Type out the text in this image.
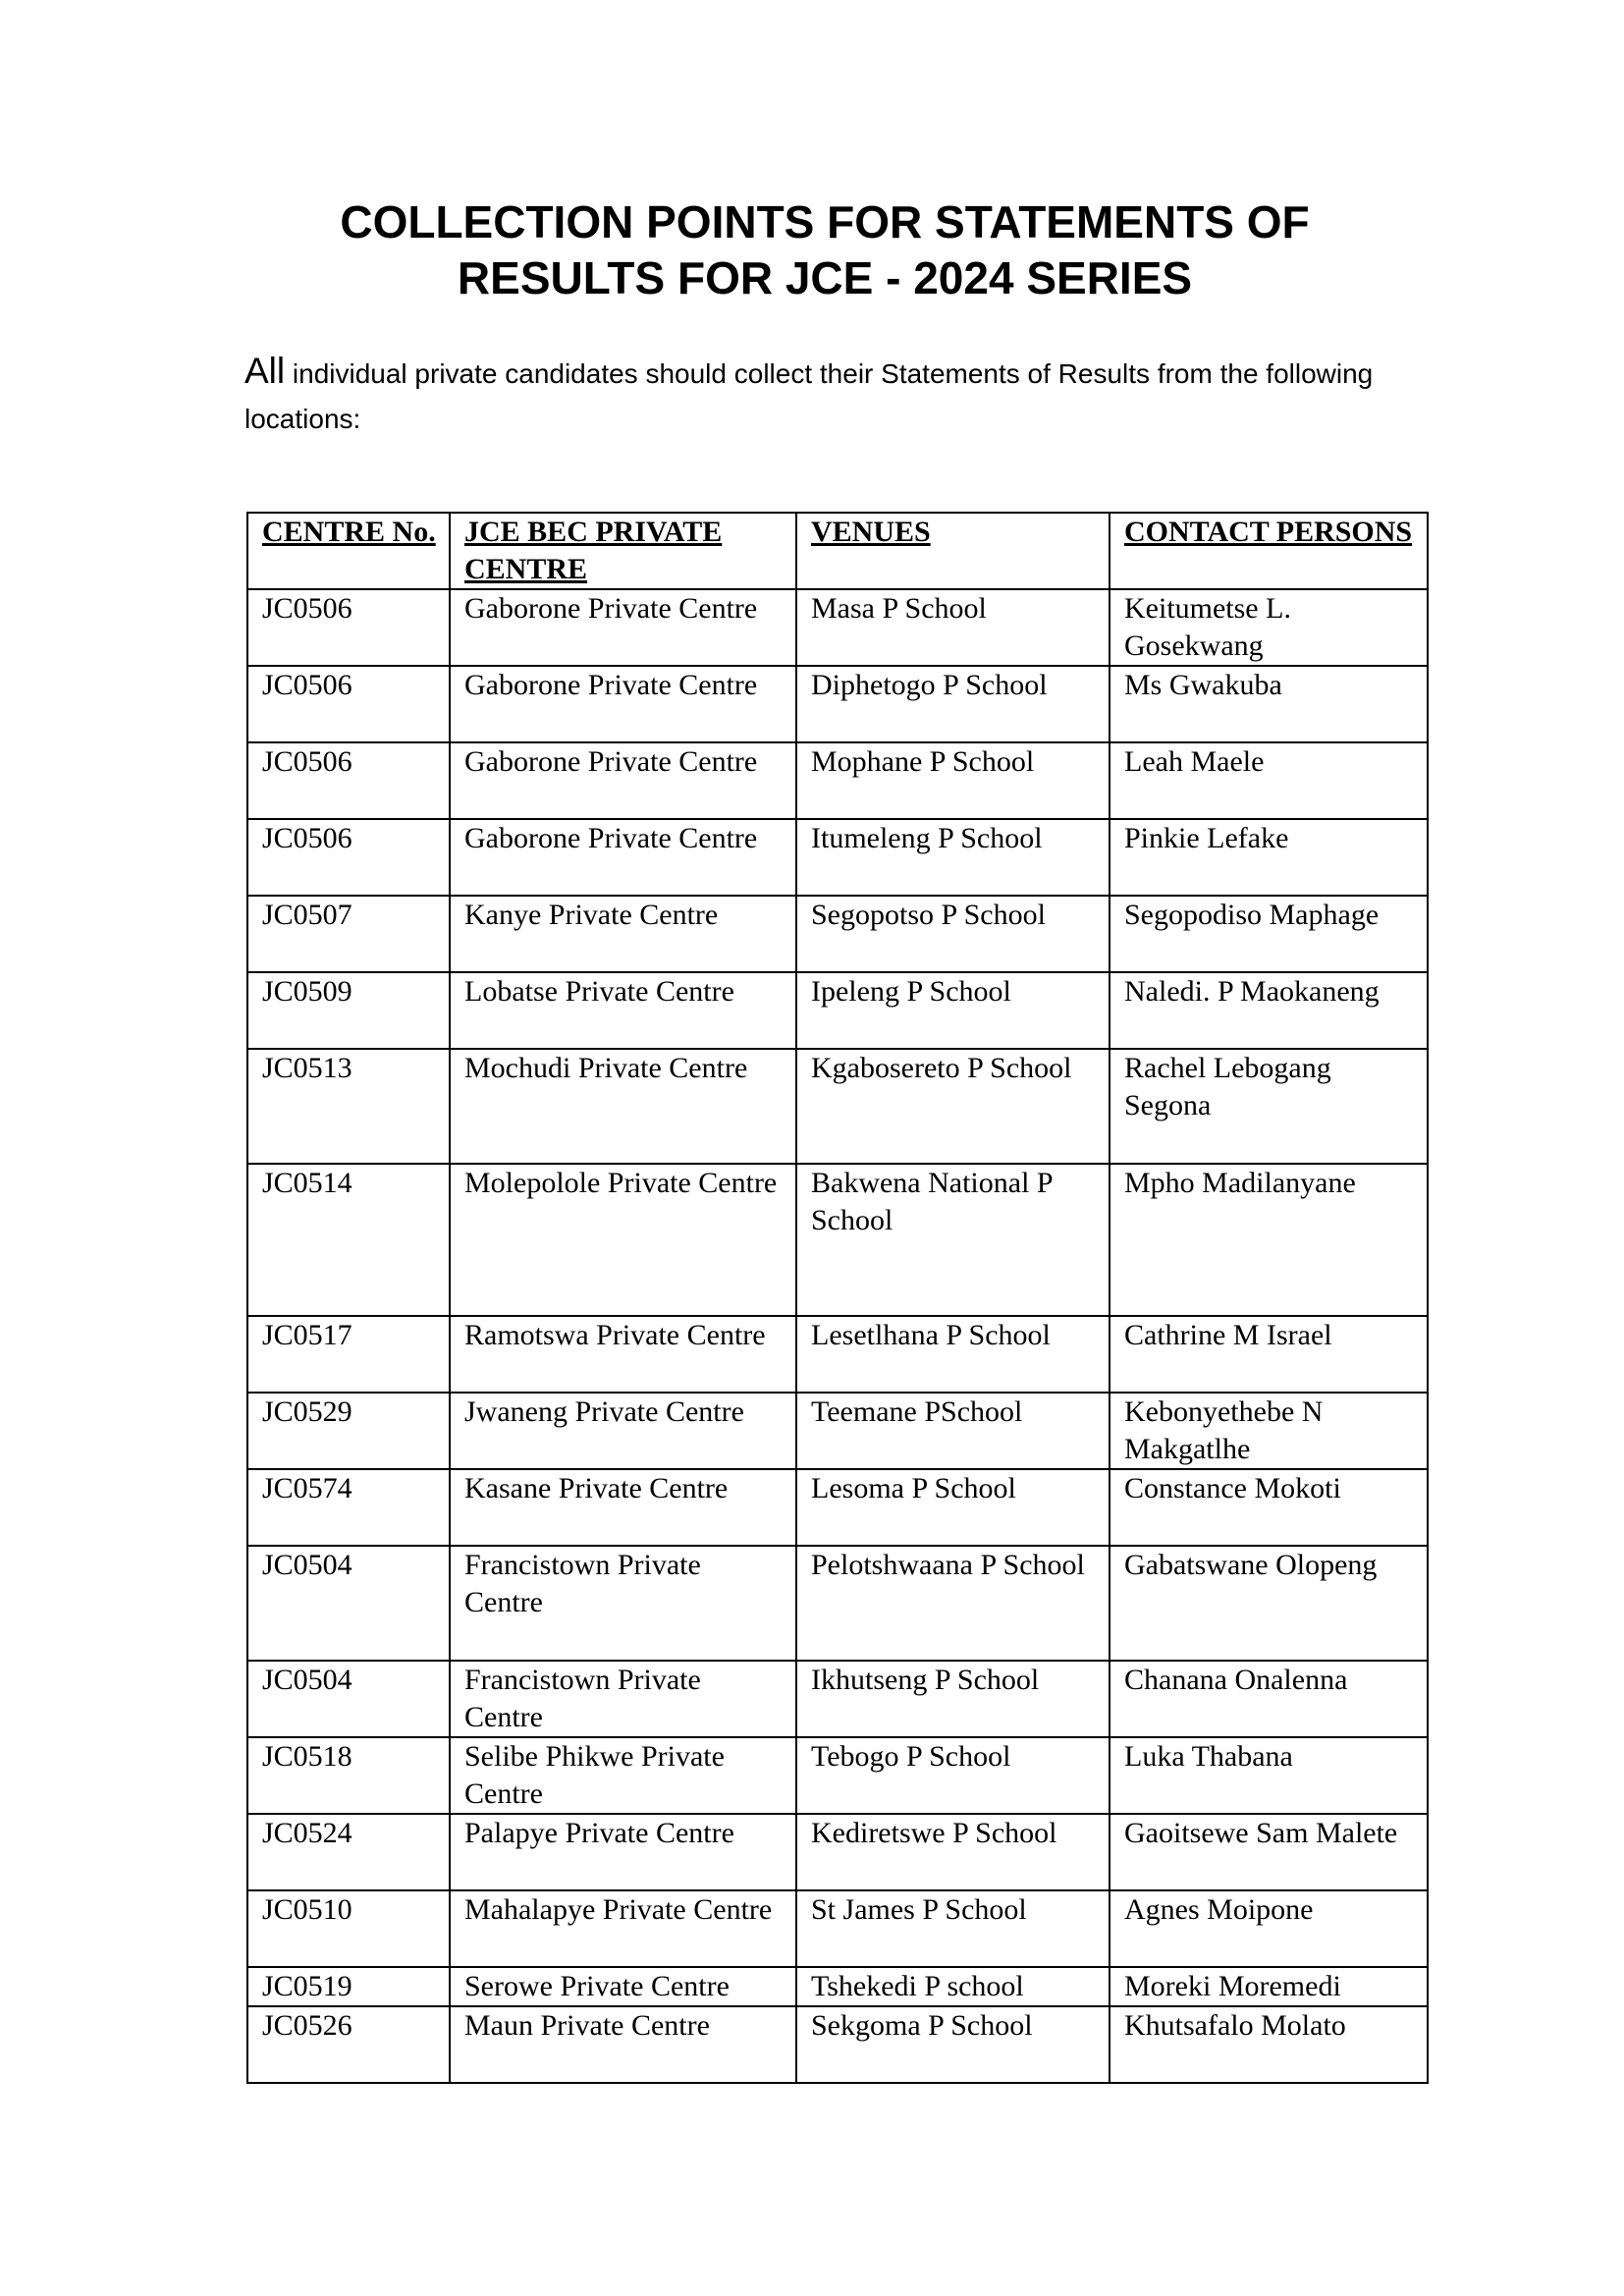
COLLECTION POINTS FOR STATEMENTS OF
RESULTS FOR JCE - 2024 SERIES

All individual private candidates should collect their Statements of Results from the following locations:

CENTRE No.	JCE BEC PRIVATE CENTRE	VENUES	CONTACT PERSONS
JC0506	Gaborone Private Centre	Masa P School	Keitumetse L. Gosekwang
JC0506	Gaborone Private Centre	Diphetogo P School	Ms Gwakuba
JC0506	Gaborone Private Centre	Mophane P School	Leah Maele
JC0506	Gaborone Private Centre	Itumeleng P School	Pinkie Lefake
JC0507	Kanye Private Centre	Segopotso P School	Segopodiso Maphage
JC0509	Lobatse Private Centre	Ipeleng P School	Naledi. P Maokaneng
JC0513	Mochudi Private Centre	Kgabosereto P School	Rachel Lebogang Segona
JC0514	Molepolole Private Centre	Bakwena National P School	Mpho Madilanyane
JC0517	Ramotswa Private Centre	Lesetlhana P School	Cathrine M Israel
JC0529	Jwaneng Private Centre	Teemane PSchool	Kebonyethebe N Makgatlhe
JC0574	Kasane Private Centre	Lesoma P School	Constance Mokoti
JC0504	Francistown Private Centre	Pelotshwaana P School	Gabatswane Olopeng
JC0504	Francistown Private Centre	Ikhutseng P School	Chanana Onalenna
JC0518	Selibe Phikwe Private Centre	Tebogo P School	Luka Thabana
JC0524	Palapye Private Centre	Kediretswe P School	Gaoitsewe Sam Malete
JC0510	Mahalapye Private Centre	St James P School	Agnes Moipone
JC0519	Serowe Private Centre	Tshekedi P school	Moreki Moremedi
JC0526	Maun Private Centre	Sekgoma P School	Khutsafalo Molato
